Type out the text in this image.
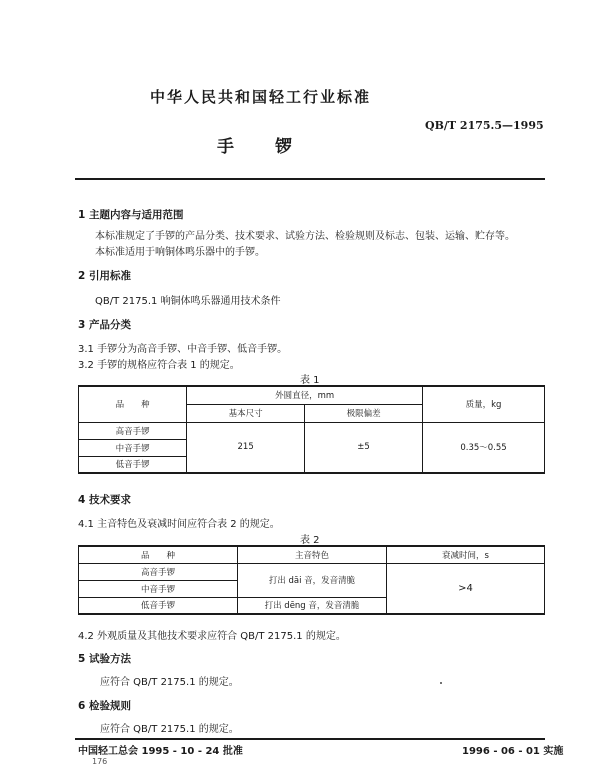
中华人民共和国轻工行业标准
QB/T 2175.5—1995
手 锣
1 主题内容与适用范围
本标准规定了手锣的产品分类、技术要求、试验方法、检验规则及标志、包装、运输、贮存等。
本标准适用于响铜体鸣乐器中的手锣。
2 引用标准
QB/T 2175.1 响铜体鸣乐器通用技术条件
3 产品分类
3.1 手锣分为高音手锣、中音手锣、低音手锣。
3.2 手锣的规格应符合表 1 的规定。
表 1
品　　种	外圆直径，mm		质量，kg
	基本尺寸	极限偏差	
高音手锣	215	±5	0.35～0.55
中音手锣			
低音手锣			
4 技术要求
4.1 主音特色及衰减时间应符合表 2 的规定。
表 2
品　　种	主音特色	衰减时间，s
高音手锣	打出 dāi 音，发音清脆	>4
中音手锣		
低音手锣	打出 dēng 音，发音清脆	
4.2 外观质量及其他技术要求应符合 QB/T 2175.1 的规定。
5 试验方法
应符合 QB/T 2175.1 的规定。
6 检验规则
应符合 QB/T 2175.1 的规定。
中国轻工总会 1995 - 10 - 24 批准	1996 - 06 - 01 实施
176
